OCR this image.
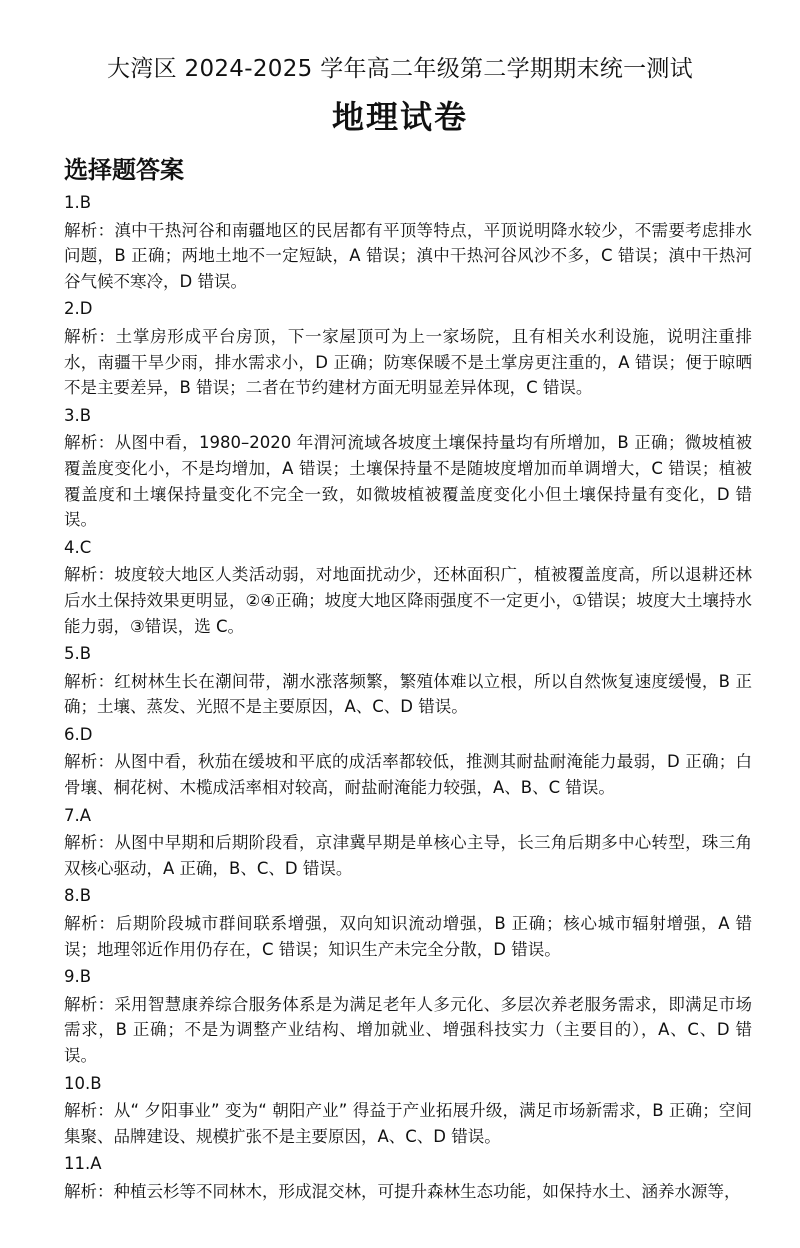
大湾区 2024-2025 学年高二年级第二学期期末统一测试
地理试卷
选择题答案
1.B
解析：滇中干热河谷和南疆地区的民居都有平顶等特点，平顶说明降水较少，不需要考虑排水问题，B 正确；两地土地不一定短缺，A 错误；滇中干热河谷风沙不多，C 错误；滇中干热河谷气候不寒冷，D 错误。
2.D
解析：土掌房形成平台房顶，下一家屋顶可为上一家场院，且有相关水利设施，说明注重排水，南疆干旱少雨，排水需求小，D 正确；防寒保暖不是土掌房更注重的，A 错误；便于晾晒不是主要差异，B 错误；二者在节约建材方面无明显差异体现，C 错误。
3.B
解析：从图中看，1980–2020 年渭河流域各坡度土壤保持量均有所增加，B 正确；微坡植被覆盖度变化小，不是均增加，A 错误；土壤保持量不是随坡度增加而单调增大，C 错误；植被覆盖度和土壤保持量变化不完全一致，如微坡植被覆盖度变化小但土壤保持量有变化，D 错误。
4.C
解析：坡度较大地区人类活动弱，对地面扰动少，还林面积广，植被覆盖度高，所以退耕还林后水土保持效果更明显，②④正确；坡度大地区降雨强度不一定更小，①错误；坡度大土壤持水能力弱，③错误，选 C。
5.B
解析：红树林生长在潮间带，潮水涨落频繁，繁殖体难以立根，所以自然恢复速度缓慢，B 正确；土壤、蒸发、光照不是主要原因，A、C、D 错误。
6.D
解析：从图中看，秋茄在缓坡和平底的成活率都较低，推测其耐盐耐淹能力最弱，D 正确；白骨壤、桐花树、木榄成活率相对较高，耐盐耐淹能力较强，A、B、C 错误。
7.A
解析：从图中早期和后期阶段看，京津冀早期是单核心主导，长三角后期多中心转型，珠三角双核心驱动，A 正确，B、C、D 错误。
8.B
解析：后期阶段城市群间联系增强，双向知识流动增强，B 正确；核心城市辐射增强，A 错误；地理邻近作用仍存在，C 错误；知识生产未完全分散，D 错误。
9.B
解析：采用智慧康养综合服务体系是为满足老年人多元化、多层次养老服务需求，即满足市场需求，B 正确；不是为调整产业结构、增加就业、增强科技实力（主要目的），A、C、D 错误。
10.B
解析：从“ 夕阳事业” 变为“ 朝阳产业” 得益于产业拓展升级，满足市场新需求，B 正确；空间集聚、品牌建设、规模扩张不是主要原因，A、C、D 错误。
11.A
解析：种植云杉等不同林木，形成混交林，可提升森林生态功能，如保持水土、涵养水源等，
